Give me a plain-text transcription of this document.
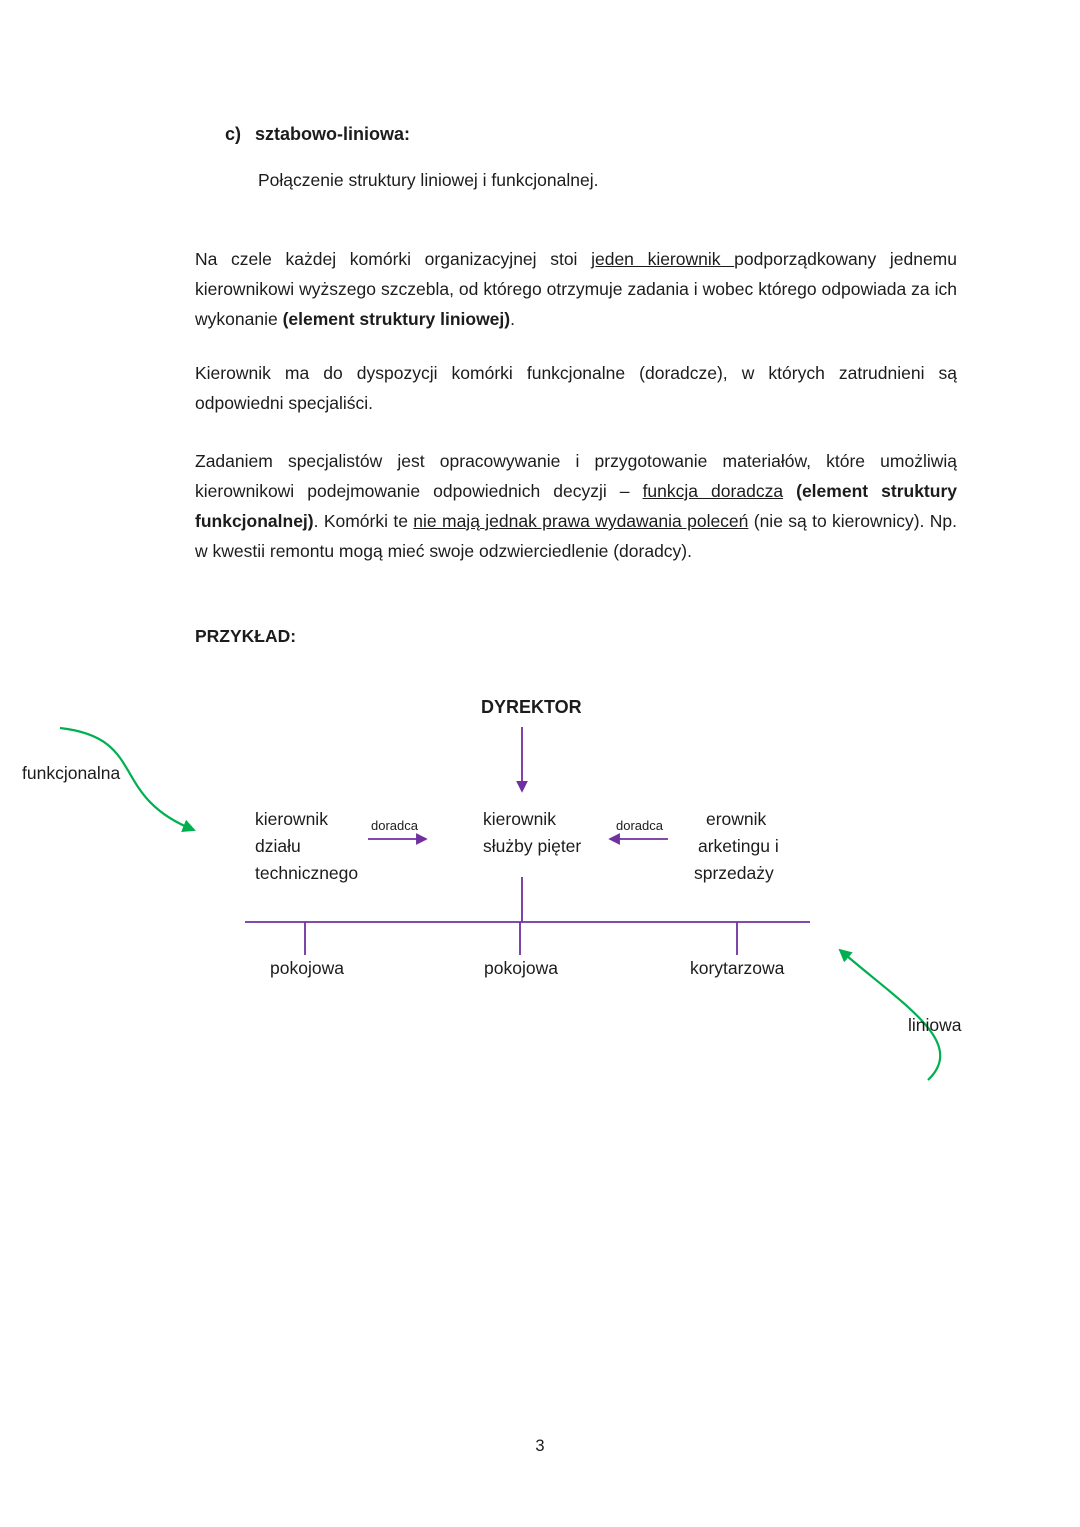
c) sztabowo-liniowa:
Połączenie struktury liniowej i funkcjonalnej.

Na czele każdej komórki organizacyjnej stoi jeden kierownik podporządkowany jednemu kierownikowi wyższego szczebla, od którego otrzymuje zadania i wobec którego odpowiada za ich wykonanie (element struktury liniowej).

Kierownik ma do dyspozycji komórki funkcjonalne (doradcze), w których zatrudnieni są odpowiedni specjaliści.

Zadaniem specjalistów jest opracowywanie i przygotowanie materiałów, które umożliwią kierownikowi podejmowanie odpowiednich decyzji – funkcja doradcza (element struktury funkcjonalnej). Komórki te nie mają jednak prawa wydawania poleceń (nie są to kierownicy). Np. w kwestii remontu mogą mieć swoje odzwierciedlenie (doradcy).

PRZYKŁAD:
DYREKTOR
kierownik
działu
technicznego
doradca	kierownik
służby pięter
doradca	erownik
arketingu i
sprzedaży
pokojowa	pokojowa	korytarzowa
funkcjonalna
liniowa
3
